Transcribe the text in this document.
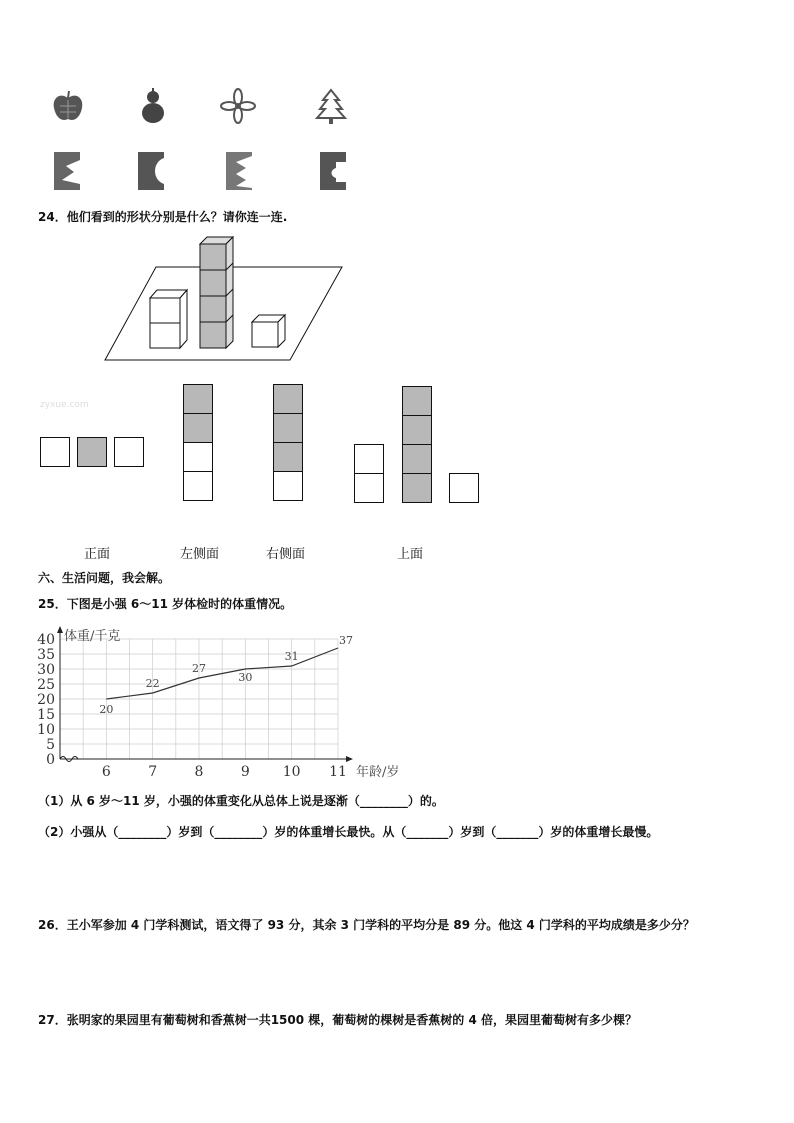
24．他们看到的形状分别是什么？请你连一连.
zyxue.com
正面	左侧面	右侧面	上面
六、生活问题，我会解。
25．下图是小强 6～11 岁体检时的体重情况。
0
5
10
15
20
25
30
35
40
6	7	8	9 10 11
体重/千克
年龄/岁
20
22
27
30
31
37
（1）从 6 岁～11 岁，小强的体重变化从总体上说是逐渐（________）的。
（2）小强从（________）岁到（________）岁的体重增长最快。从（_______）岁到（_______）岁的体重增长最慢。
26．王小军参加 4 门学科测试，语文得了 93 分，其余 3 门学科的平均分是 89 分。他这 4 门学科的平均成绩是多少分？
27．张明家的果园里有葡萄树和香蕉树一共1500 棵，葡萄树的棵树是香蕉树的 4 倍，果园里葡萄树有多少棵？
